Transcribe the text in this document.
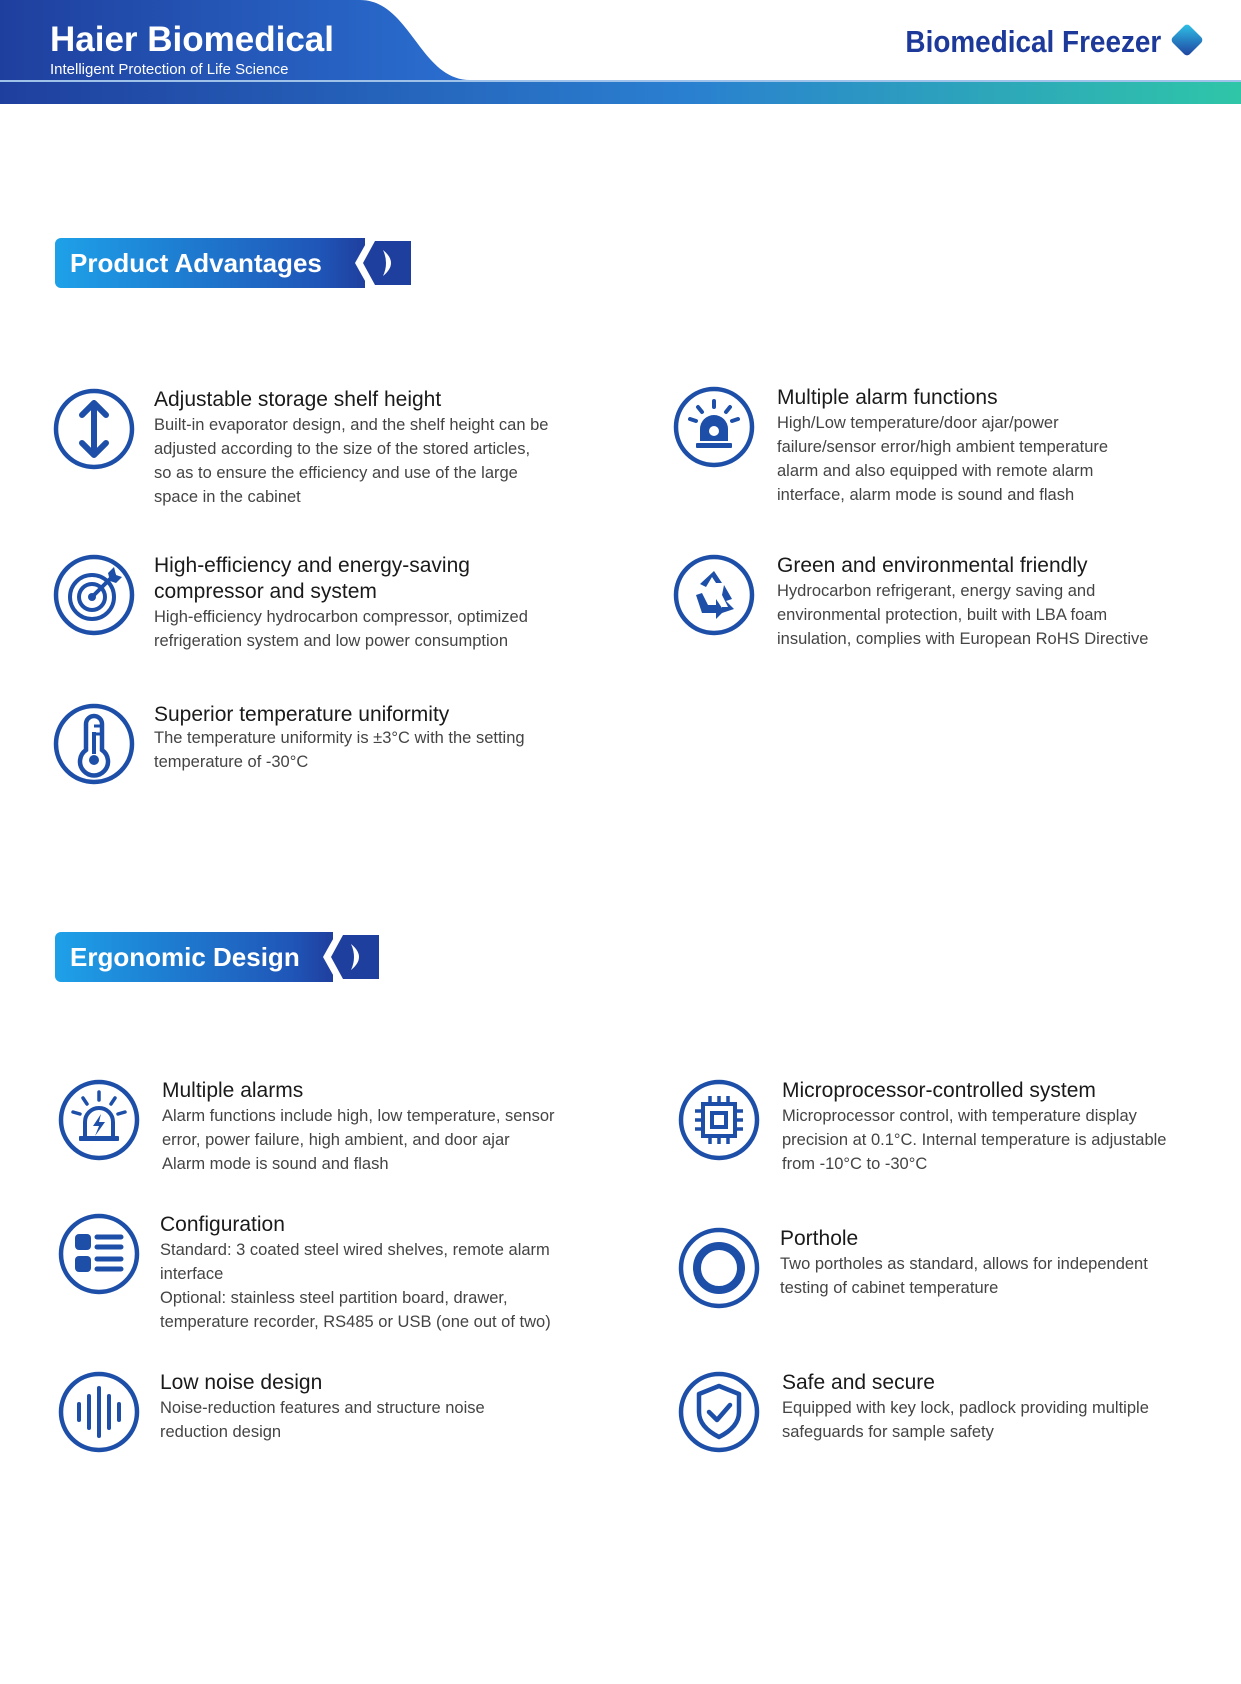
Haier Biomedical
Intelligent Protection of Life Science
Biomedical Freezer
Product Advantages
Adjustable storage shelf height
Built-in evaporator design, and the shelf height can be
adjusted according to the size of the stored articles,
so as to ensure the efficiency and use of the large
space in the cabinet
Multiple alarm functions
High/Low temperature/door ajar/power
failure/sensor error/high ambient temperature
alarm and also equipped with remote alarm
interface, alarm mode is sound and flash
High-efficiency and energy-saving
compressor and system
High-efficiency hydrocarbon compressor, optimized
refrigeration system and low power consumption
Green and environmental friendly
Hydrocarbon refrigerant, energy saving and
environmental protection, built with LBA foam
insulation, complies with European RoHS Directive
Superior temperature uniformity
The temperature uniformity is ±3°C with the setting
temperature of -30°C
Ergonomic Design
Multiple alarms
Alarm functions include high, low temperature, sensor
error, power failure, high ambient, and door ajar
Alarm mode is sound and flash
Microprocessor-controlled system
Microprocessor control, with temperature display
precision at 0.1°C. Internal temperature is adjustable
from -10°C to -30°C
Configuration
Standard: 3 coated steel wired shelves, remote alarm
interface
Optional: stainless steel partition board, drawer,
temperature recorder, RS485 or USB (one out of two)
Porthole
Two portholes as standard, allows for independent
testing of cabinet temperature
Low noise design
Noise-reduction features and structure noise
reduction design
Safe and secure
Equipped with key lock, padlock providing multiple
safeguards for sample safety
